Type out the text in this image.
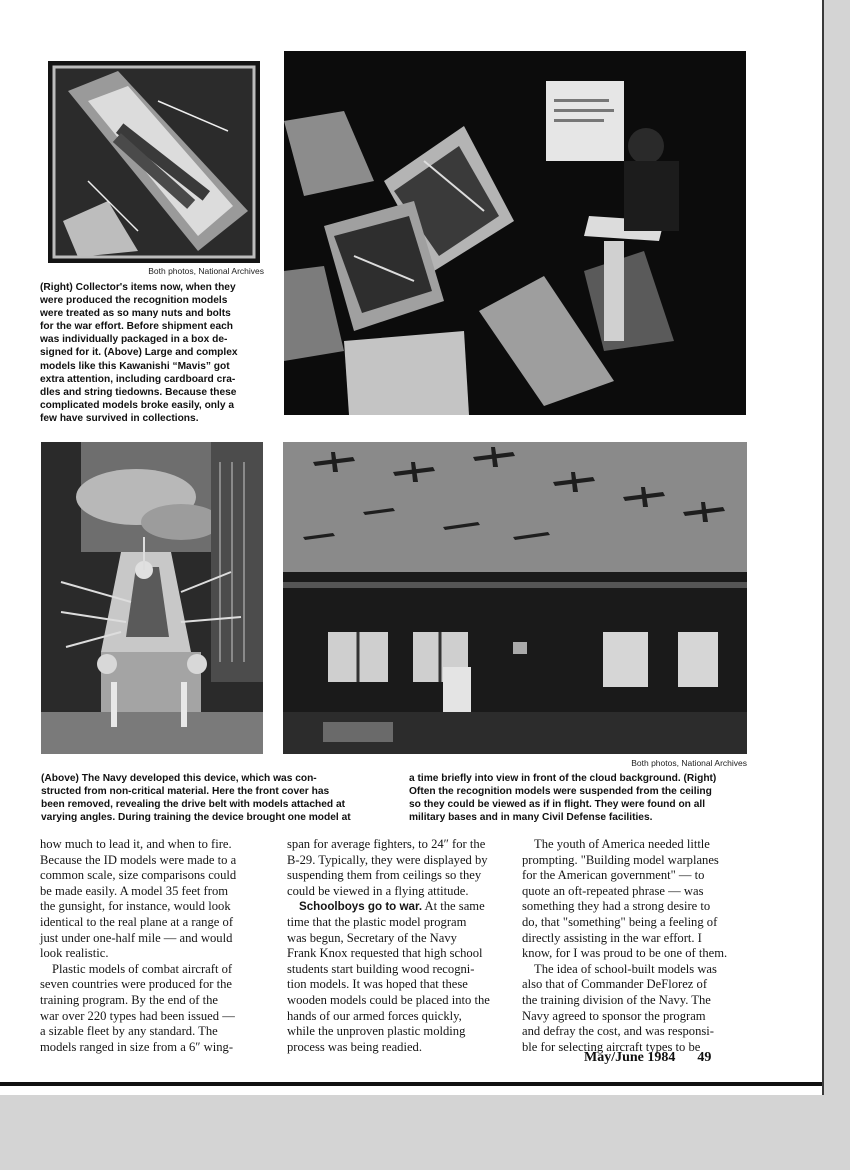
Both photos, National Archives
(Right) Collector's items now, when they
were produced the recognition models
were treated as so many nuts and bolts
for the war effort. Before shipment each
was individually packaged in a box de-
signed for it. (Above) Large and complex
models like this Kawanishi “Mavis” got
extra attention, including cardboard cra-
dles and string tiedowns. Because these
complicated models broke easily, only a
few have survived in collections.
Both photos, National Archives
(Above) The Navy developed this device, which was con-
structed from non-critical material. Here the front cover has
been removed, revealing the drive belt with models attached at
varying angles. During training the device brought one model at
a time briefly into view in front of the cloud background. (Right)
Often the recognition models were suspended from the ceiling
so they could be viewed as if in flight. They were found on all
military bases and in many Civil Defense facilities.
how much to lead it, and when to fire.
Because the ID models were made to a
common scale, size comparisons could
be made easily. A model 35 feet from
the gunsight, for instance, would look
identical to the real plane at a range of
just under one-half mile — and would
look realistic.
Plastic models of combat aircraft of
seven countries were produced for the
training program. By the end of the
war over 220 types had been issued —
a sizable fleet by any standard. The
models ranged in size from a 6″ wing-
span for average fighters, to 24″ for the
B-29. Typically, they were displayed by
suspending them from ceilings so they
could be viewed in a flying attitude.
Schoolboys go to war. At the same
time that the plastic model program
was begun, Secretary of the Navy
Frank Knox requested that high school
students start building wood recogni-
tion models. It was hoped that these
wooden models could be placed into the
hands of our armed forces quickly,
while the unproven plastic molding
process was being readied.
The youth of America needed little
prompting. "Building model warplanes
for the American government" — to
quote an oft-repeated phrase — was
something they had a strong desire to
do, that "something" being a feeling of
directly assisting in the war effort. I
know, for I was proud to be one of them.
The idea of school-built models was
also that of Commander DeFlorez of
the training division of the Navy. The
Navy agreed to sponsor the program
and defray the cost, and was responsi-
ble for selecting aircraft types to be
May/June 1984 49
